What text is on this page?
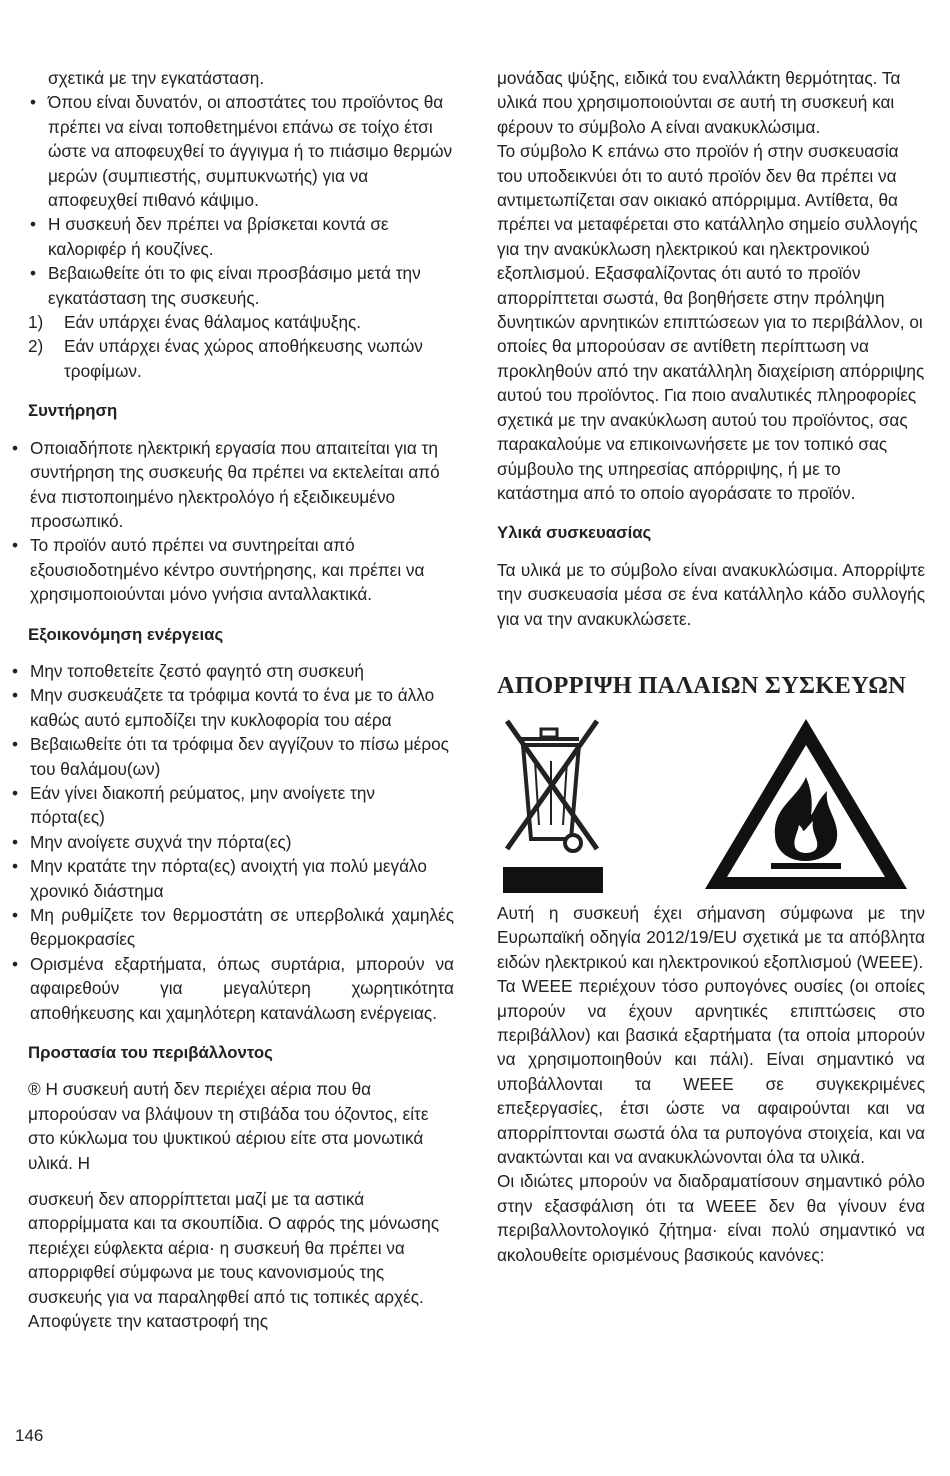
σχετικά με την εγκατάσταση.

• Όπου είναι δυνατόν, οι αποστάτες του προϊόντος θα πρέπει να είναι τοποθετημένοι επάνω σε τοίχο έτσι ώστε να αποφευχθεί το άγγιγμα ή το πιάσιμο θερμών μερών (συμπιεστής, συμπυκνωτής) για να αποφευχθεί πιθανό κάψιμο.
• Η συσκευή δεν πρέπει να βρίσκεται κοντά σε καλοριφέρ ή κουζίνες.
• Βεβαιωθείτε ότι το φις είναι προσβάσιμο μετά την εγκατάσταση της συσκευής.
1) Εάν υπάρχει ένας θάλαμος κατάψυξης.
2) Εάν υπάρχει ένας χώρος αποθήκευσης νωπών τροφίμων.
Συντήρηση
• Οποιαδήποτε ηλεκτρική εργασία που απαιτείται για τη συντήρηση της συσκευής θα πρέπει να εκτελείται από ένα πιστοποιημένο ηλεκτρολόγο ή εξειδικευμένο προσωπικό.
• Το προϊόν αυτό πρέπει να συντηρείται από εξουσιοδοτημένο κέντρο συντήρησης, και πρέπει να χρησιμοποιούνται μόνο γνήσια ανταλλακτικά.
Εξοικονόμηση ενέργειας
• Μην τοποθετείτε ζεστό φαγητό στη συσκευή
• Μην συσκευάζετε τα τρόφιμα κοντά το ένα με το άλλο καθώς αυτό εμποδίζει την κυκλοφορία του αέρα
• Βεβαιωθείτε ότι τα τρόφιμα δεν αγγίζουν το πίσω μέρος του θαλάμου(ων)
• Εάν γίνει διακοπή ρεύματος, μην ανοίγετε την πόρτα(ες)
• Μην ανοίγετε συχνά την πόρτα(ες)
• Μην κρατάτε την πόρτα(ες) ανοιχτή για πολύ μεγάλο χρονικό διάστημα
• Μη ρυθμίζετε τον θερμοστάτη σε υπερβολικά χαμηλές θερμοκρασίες
• Ορισμένα εξαρτήματα, όπως συρτάρια, μπορούν να αφαιρεθούν για μεγαλύτερη χωρητικότητα αποθήκευσης και χαμηλότερη κατανάλωση ενέργειας.
Προστασία του περιβάλλοντος

® Η συσκευή αυτή δεν περιέχει αέρια που θα μπορούσαν να βλάψουν τη στιβάδα του όζοντος, είτε στο κύκλωμα του ψυκτικού αέριου είτε στα μονωτικά υλικά. Η

συσκευή δεν απορρίπτεται μαζί με τα αστικά απορρίμματα και τα σκουπίδια. Ο αφρός της μόνωσης περιέχει εύφλεκτα αέρια· η συσκευή θα πρέπει να απορριφθεί σύμφωνα με τους κανονισμούς της συσκευής για να παραληφθεί από τις τοπικές αρχές. Αποφύγετε την καταστροφή της

μονάδας ψύξης, ειδικά του εναλλάκτη θερμότητας. Τα υλικά που χρησιμοποιούνται σε αυτή τη συσκευή και φέρουν το σύμβολο A είναι ανακυκλώσιμα.

Το σύμβολο K επάνω στο προϊόν ή στην συσκευασία του υποδεικνύει ότι το αυτό προϊόν δεν θα πρέπει να αντιμετωπίζεται σαν οικιακό απόρριμμα. Αντίθετα, θα πρέπει να μεταφέρεται στο κατάλληλο σημείο συλλογής για την ανακύκλωση ηλεκτρικού και ηλεκτρονικού εξοπλισμού. Εξασφαλίζοντας ότι αυτό το προϊόν απορρίπτεται σωστά, θα βοηθήσετε στην πρόληψη δυνητικών αρνητικών επιπτώσεων για το περιβάλλον, οι οποίες θα μπορούσαν σε αντίθετη περίπτωση να προκληθούν από την ακατάλληλη διαχείριση απόρριψης αυτού του προϊόντος. Για ποιο αναλυτικές πληροφορίες σχετικά με την ανακύκλωση αυτού του προϊόντος, σας παρακαλούμε να επικοινωνήσετε με τον τοπικό σας σύμβουλο της υπηρεσίας απόρριψης, ή με το κατάστημα από το οποίο αγοράσατε το προϊόν.

Υλικά συσκευασίας

Τα υλικά με το σύμβολο είναι ανακυκλώσιμα. Απορρίψτε την συσκευασία μέσα σε ένα κατάλληλο κάδο συλλογής για να την ανακυκλώσετε.

ΑΠΟΡΡΙΨΗ ΠΑΛΑΙΩΝ ΣΥΣΚΕΥΩΝ

Αυτή η συσκευή έχει σήμανση σύμφωνα με την Ευρωπαϊκή οδηγία 2012/19/EU σχετικά με τα απόβλητα ειδών ηλεκτρικού και ηλεκτρονικού εξοπλισμού (WEEE).

Τα WEEE περιέχουν τόσο ρυπογόνες ουσίες (οι οποίες μπορούν να έχουν αρνητικές επιπτώσεις στο περιβάλλον) και βασικά εξαρτήματα (τα οποία μπορούν να χρησιμοποιηθούν και πάλι). Είναι σημαντικό να υποβάλλονται τα WEEE σε συγκεκριμένες επεξεργασίες, έτσι ώστε να αφαιρούνται και να απορρίπτονται σωστά όλα τα ρυπογόνα στοιχεία, και να ανακτώνται και να ανακυκλώνονται όλα τα υλικά.

Οι ιδιώτες μπορούν να διαδραματίσουν σημαντικό ρόλο στην εξασφάλιση ότι τα WEEE δεν θα γίνουν ένα περιβαλλοντολογικό ζήτημα· είναι πολύ σημαντικό να ακολουθείτε ορισμένους βασικούς κανόνες:

146
